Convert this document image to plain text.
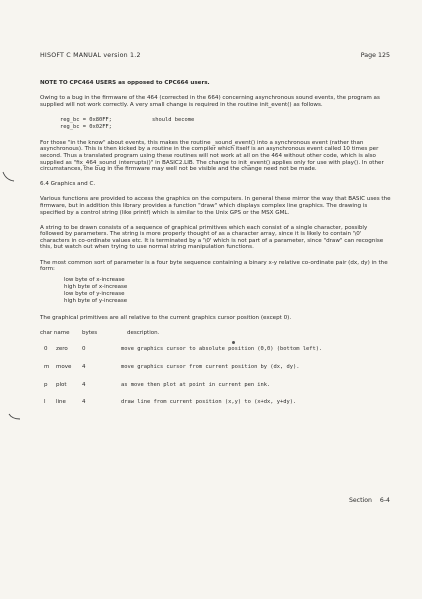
HISOFT C MANUAL version 1.2	Page 125

NOTE TO CPC464 USERS as opposed to CPC664 users.

Owing to a bug in the firmware of the 464 (corrected in the 664) concerning asynchronous sound events, the program as supplied will not work correctly. A very small change is required in the routine init_event() as follows.

reg_bc = 0x80FF;	should become
reg_bc = 0x02FF;

For those "in the know" about events, this makes the routine _sound_event() into a synchronous event (rather than asynchronous). This is then kicked by a routine in the compiler which itself is an asynchronous event called 10 times per second. Thus a translated program using these routines will not work at all on the 464 without other code, which is also supplied as "fix_464_sound_interrupts()" in BASIC2.LIB. The change to init_event() applies only for use with play(). In other circumstances, the bug in the firmware may well not be visible and the change need not be made.

6.4 Graphics and C.

Various functions are provided to access the graphics on the computers. In general these mirror the way that BASIC uses the firmware, but in addition this library provides a function "draw" which displays complex line graphics. The drawing is specified by a control string (like printf) which is similar to the Unix GPS or the MSX GML.

A string to be drawn consists of a sequence of graphical primitives which each consist of a single character, possibly followed by parameters. The string is more properly thought of as a character array, since it is likely to contain '\0' characters in co-ordinate values etc. It is terminated by a '\0' which is not part of a parameter, since "draw" can recognise this, but watch out when trying to use normal string manipulation functions.

The most common sort of parameter is a four byte sequence containing a binary x-y relative co-ordinate pair (dx, dy) in the form:

low byte of x-increase
high byte of x-increase
low byte of y-increase
high byte of y-increase

The graphical primitives are all relative to the current graphics cursor position (except 0).

char name		bytes	description.
0	zero	0	move graphics cursor to absolute position (0,0) (bottom left).
m	move	4	move graphics cursor from current position by (dx, dy).
p	plot	4	as move then plot at point in current pen ink.
l	line	4	draw line from current position (x,y) to (x+dx, y+dy).
Section 6-4
